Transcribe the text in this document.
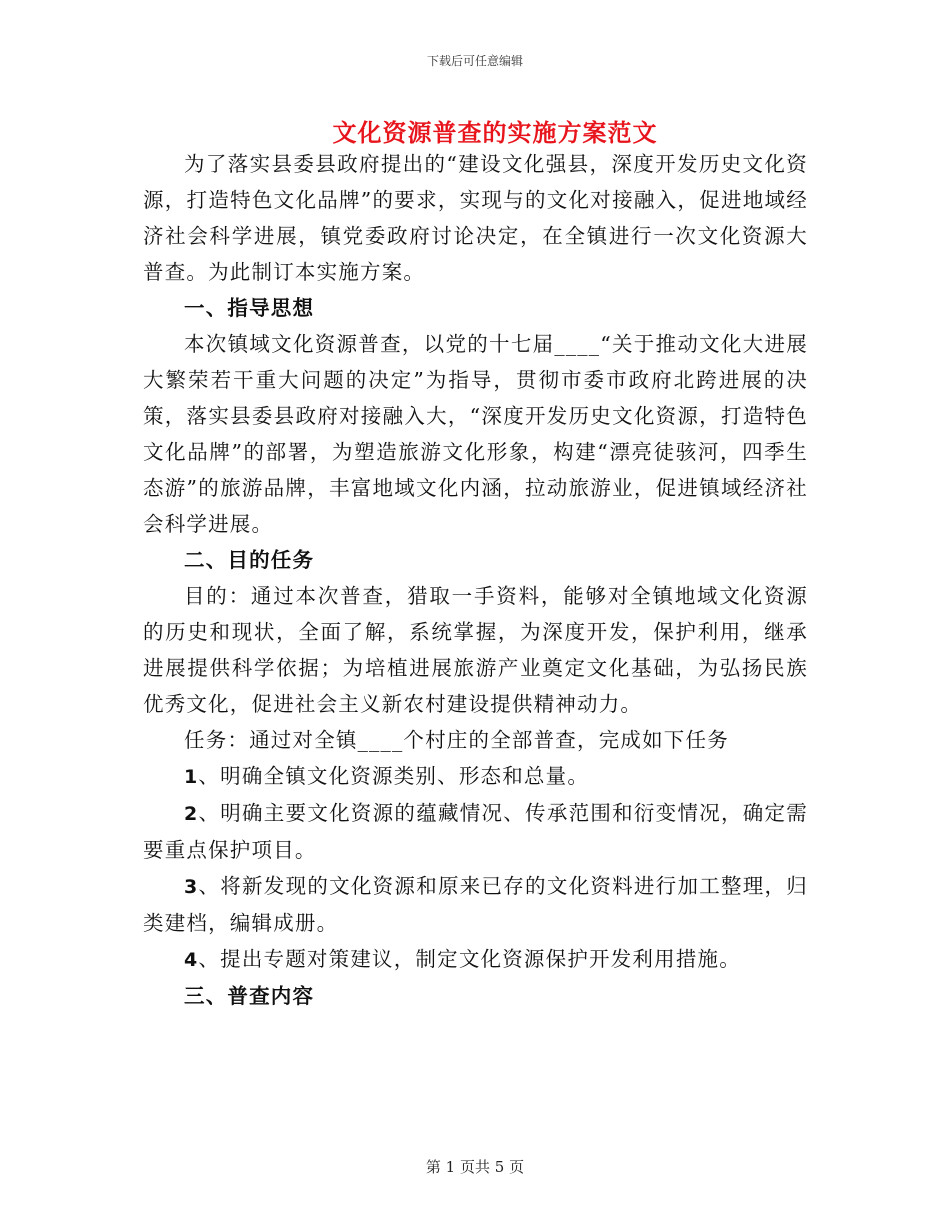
下载后可任意编辑
文化资源普查的实施方案范文

为了落实县委县政府提出的“建设文化强县，深度开发历史文化资源，打造特色文化品牌”的要求，实现与的文化对接融入，促进地域经济社会科学进展，镇党委政府讨论决定，在全镇进行一次文化资源大普查。为此制订本实施方案。

一、指导思想

本次镇域文化资源普查，以党的十七届____“关于推动文化大进展大繁荣若干重大问题的决定”为指导，贯彻市委市政府北跨进展的决策，落实县委县政府对接融入大，“深度开发历史文化资源，打造特色文化品牌”的部署，为塑造旅游文化形象，构建“漂亮徒骇河，四季生态游”的旅游品牌，丰富地域文化内涵，拉动旅游业，促进镇域经济社会科学进展。

二、目的任务

目的：通过本次普查，猎取一手资料，能够对全镇地域文化资源的历史和现状，全面了解，系统掌握，为深度开发，保护利用，继承进展提供科学依据；为培植进展旅游产业奠定文化基础，为弘扬民族优秀文化，促进社会主义新农村建设提供精神动力。

任务：通过对全镇____个村庄的全部普查，完成如下任务

1、明确全镇文化资源类别、形态和总量。

2、明确主要文化资源的蕴藏情况、传承范围和衍变情况，确定需要重点保护项目。

3、将新发现的文化资源和原来已存的文化资料进行加工整理，归类建档，编辑成册。

4、提出专题对策建议，制定文化资源保护开发利用措施。

三、普查内容

第 1 页共 5 页
